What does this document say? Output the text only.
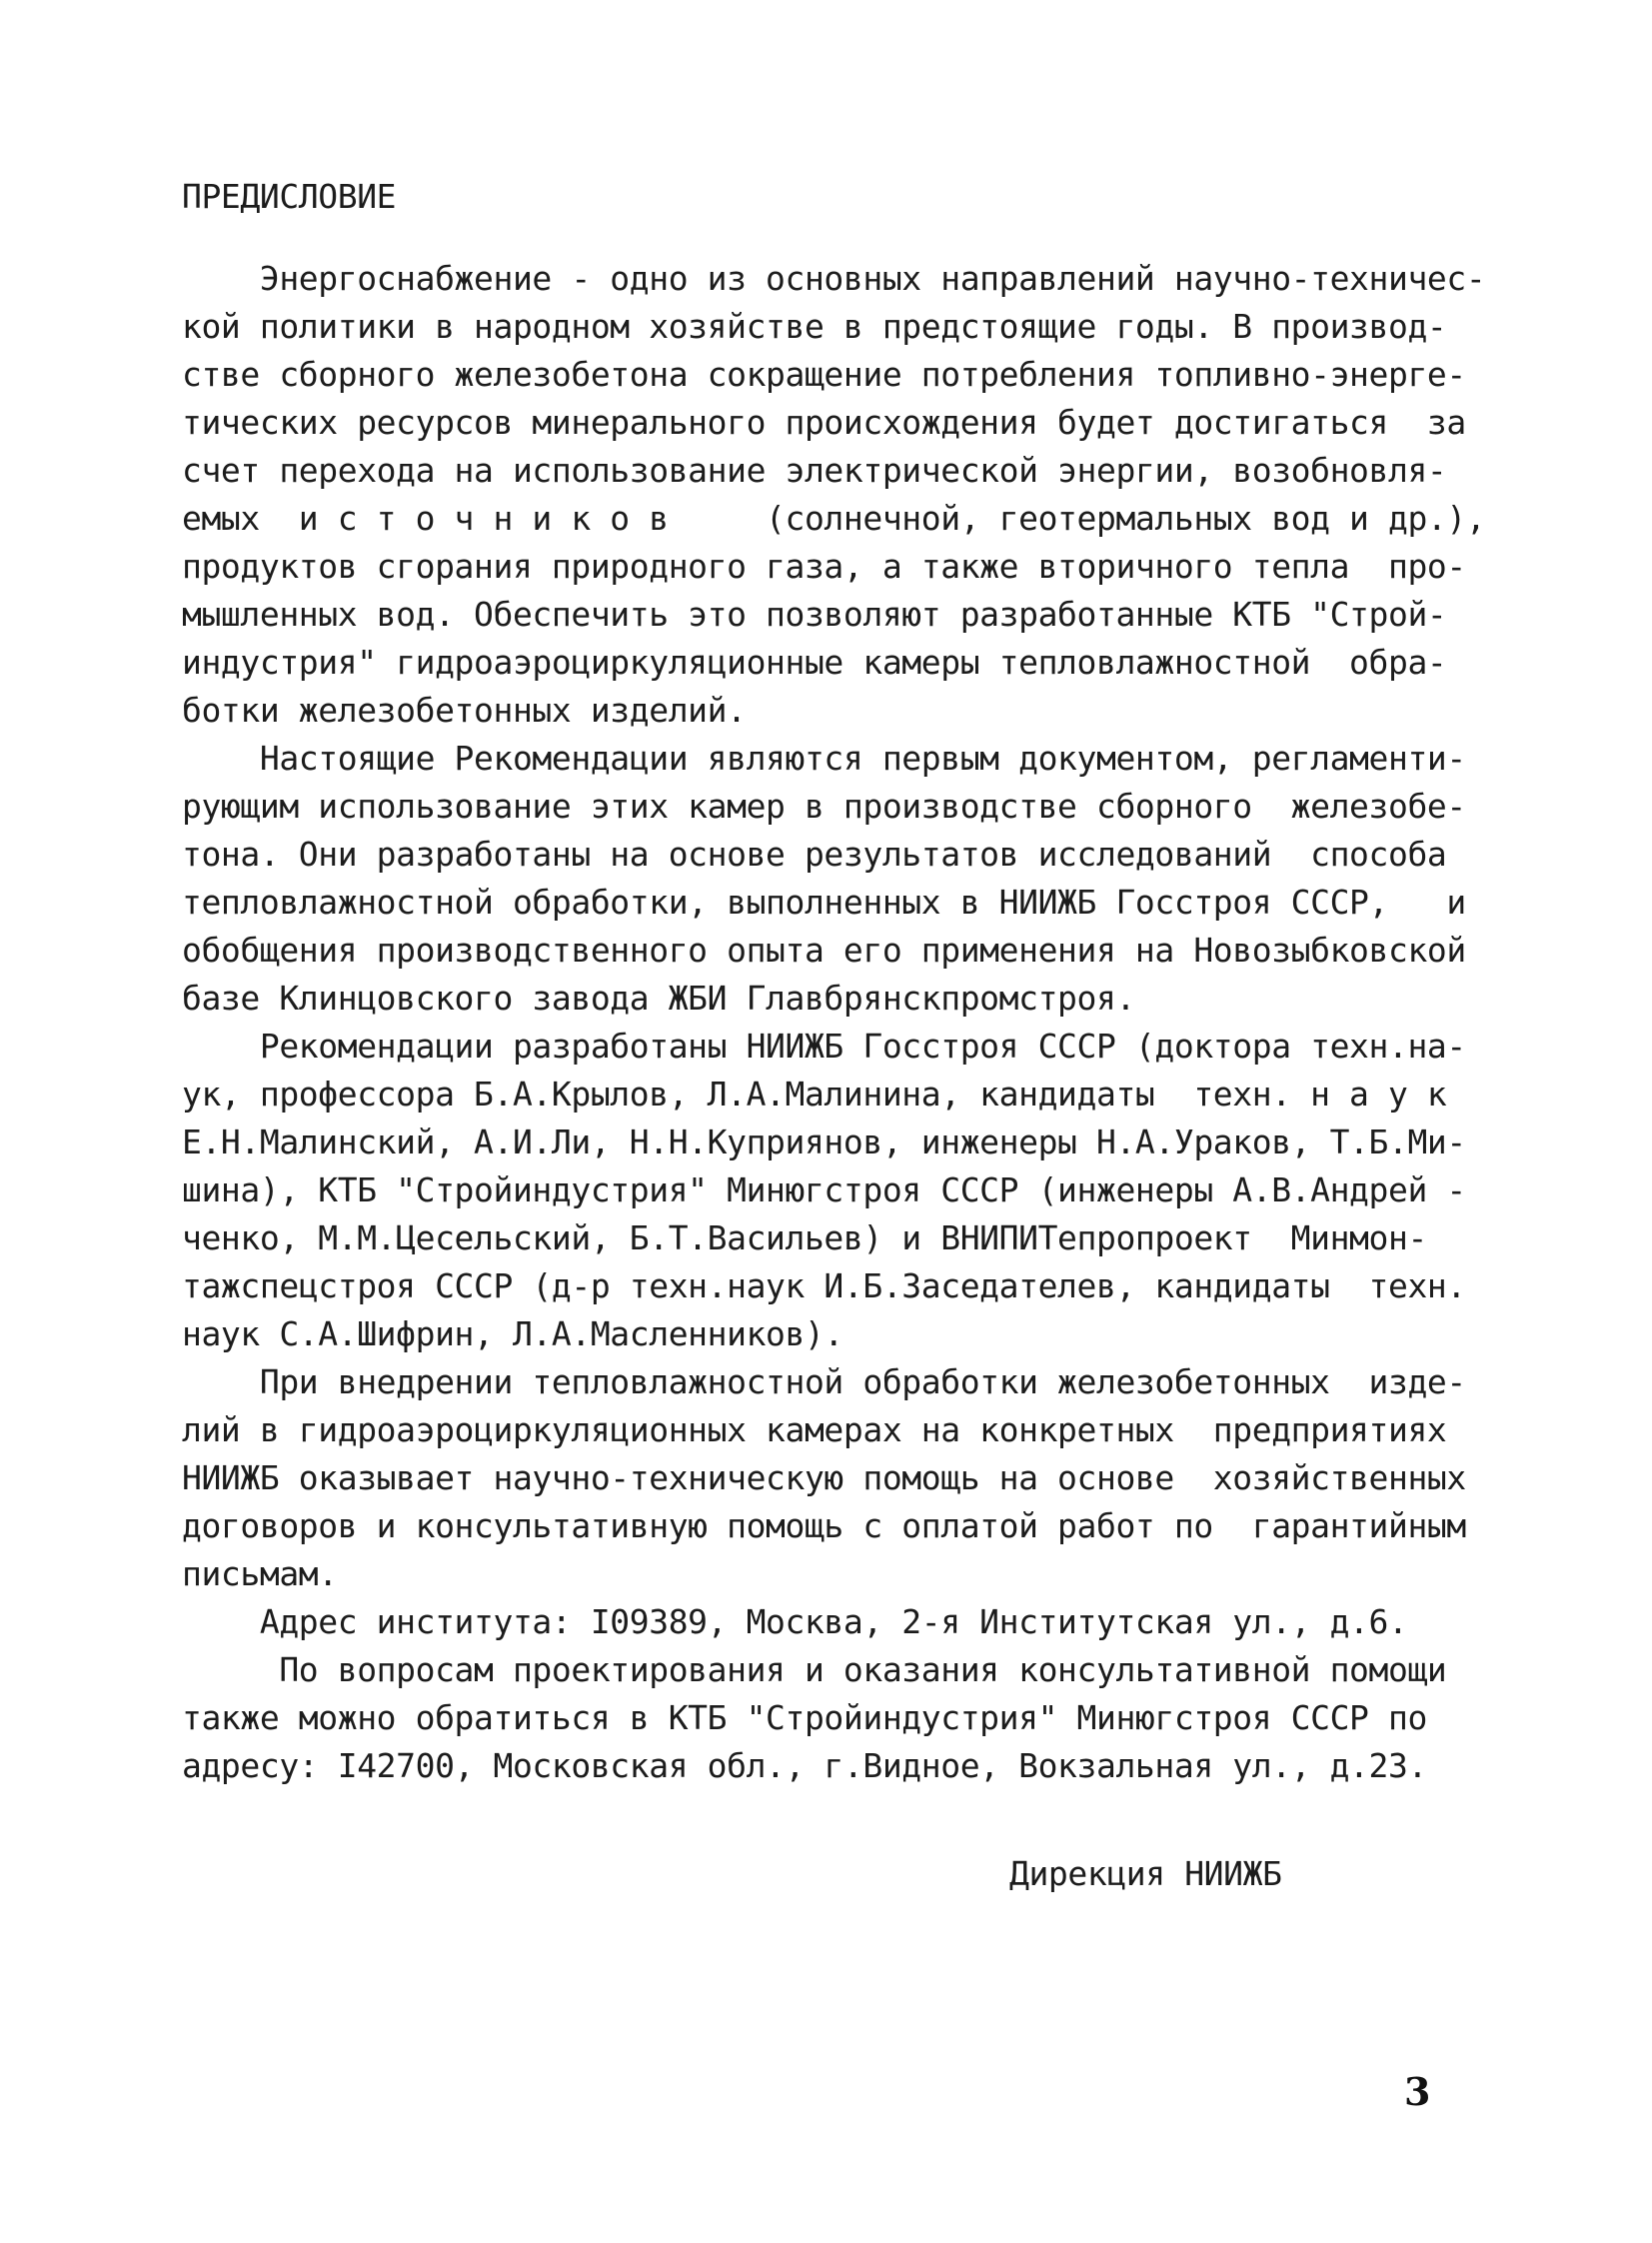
ПРЕДИСЛОВИЕ

Энергоснабжение - одно из основных направлений научно-техничес-

кой политики в народном хозяйстве в предстоящие годы. В производ-

стве сборного железобетона сокращение потребления топливно-энерге-

тических ресурсов минерального происхождения будет достигаться  за

счет перехода на использование электрической энергии, возобновля-

емых  и с т о ч н и к о в     (солнечной, геотермальных вод и др.),

продуктов сгорания природного газа, а также вторичного тепла  про-

мышленных вод. Обеспечить это позволяют разработанные КТБ "Строй-

индустрия" гидроаэроциркуляционные камеры тепловлажностной  обра-

ботки железобетонных изделий.

Настоящие Рекомендации являются первым документом, регламенти-

рующим использование этих камер в производстве сборного  железобе-

тона. Они разработаны на основе результатов исследований  способа

тепловлажностной обработки, выполненных в НИИЖБ Госстроя СССР,   и

обобщения производственного опыта его применения на Новозыбковской

базе Клинцовского завода ЖБИ Главбрянскпромстроя.

Рекомендации разработаны НИИЖБ Госстроя СССР (доктора техн.на-

ук, профессора Б.А.Крылов, Л.А.Малинина, кандидаты  техн. н а у к

Е.Н.Малинский, А.И.Ли, Н.Н.Куприянов, инженеры Н.А.Ураков, Т.Б.Ми-

шина), КТБ "Стройиндустрия" Минюгстроя СССР (инженеры А.В.Андрей -

ченко, М.М.Цесельский, Б.Т.Васильев) и ВНИПИТепропроект  Минмон-

тажспецстроя СССР (д-р техн.наук И.Б.Заседателев, кандидаты  техн.

наук С.А.Шифрин, Л.А.Масленников).

При внедрении тепловлажностной обработки железобетонных  изде-

лий в гидроаэроциркуляционных камерах на конкретных  предприятиях

НИИЖБ оказывает научно-техническую помощь на основе  хозяйственных

договоров и консультативную помощь с оплатой работ по  гарантийным

письмам.

Адрес института: I09389, Москва, 2-я Институтская ул., д.6.

По вопросам проектирования и оказания консультативной помощи

также можно обратиться в КТБ "Стройиндустрия" Минюгстроя СССР по

адресу: I42700, Московская обл., г.Видное, Вокзальная ул., д.23.

Дирекция НИИЖБ
3
